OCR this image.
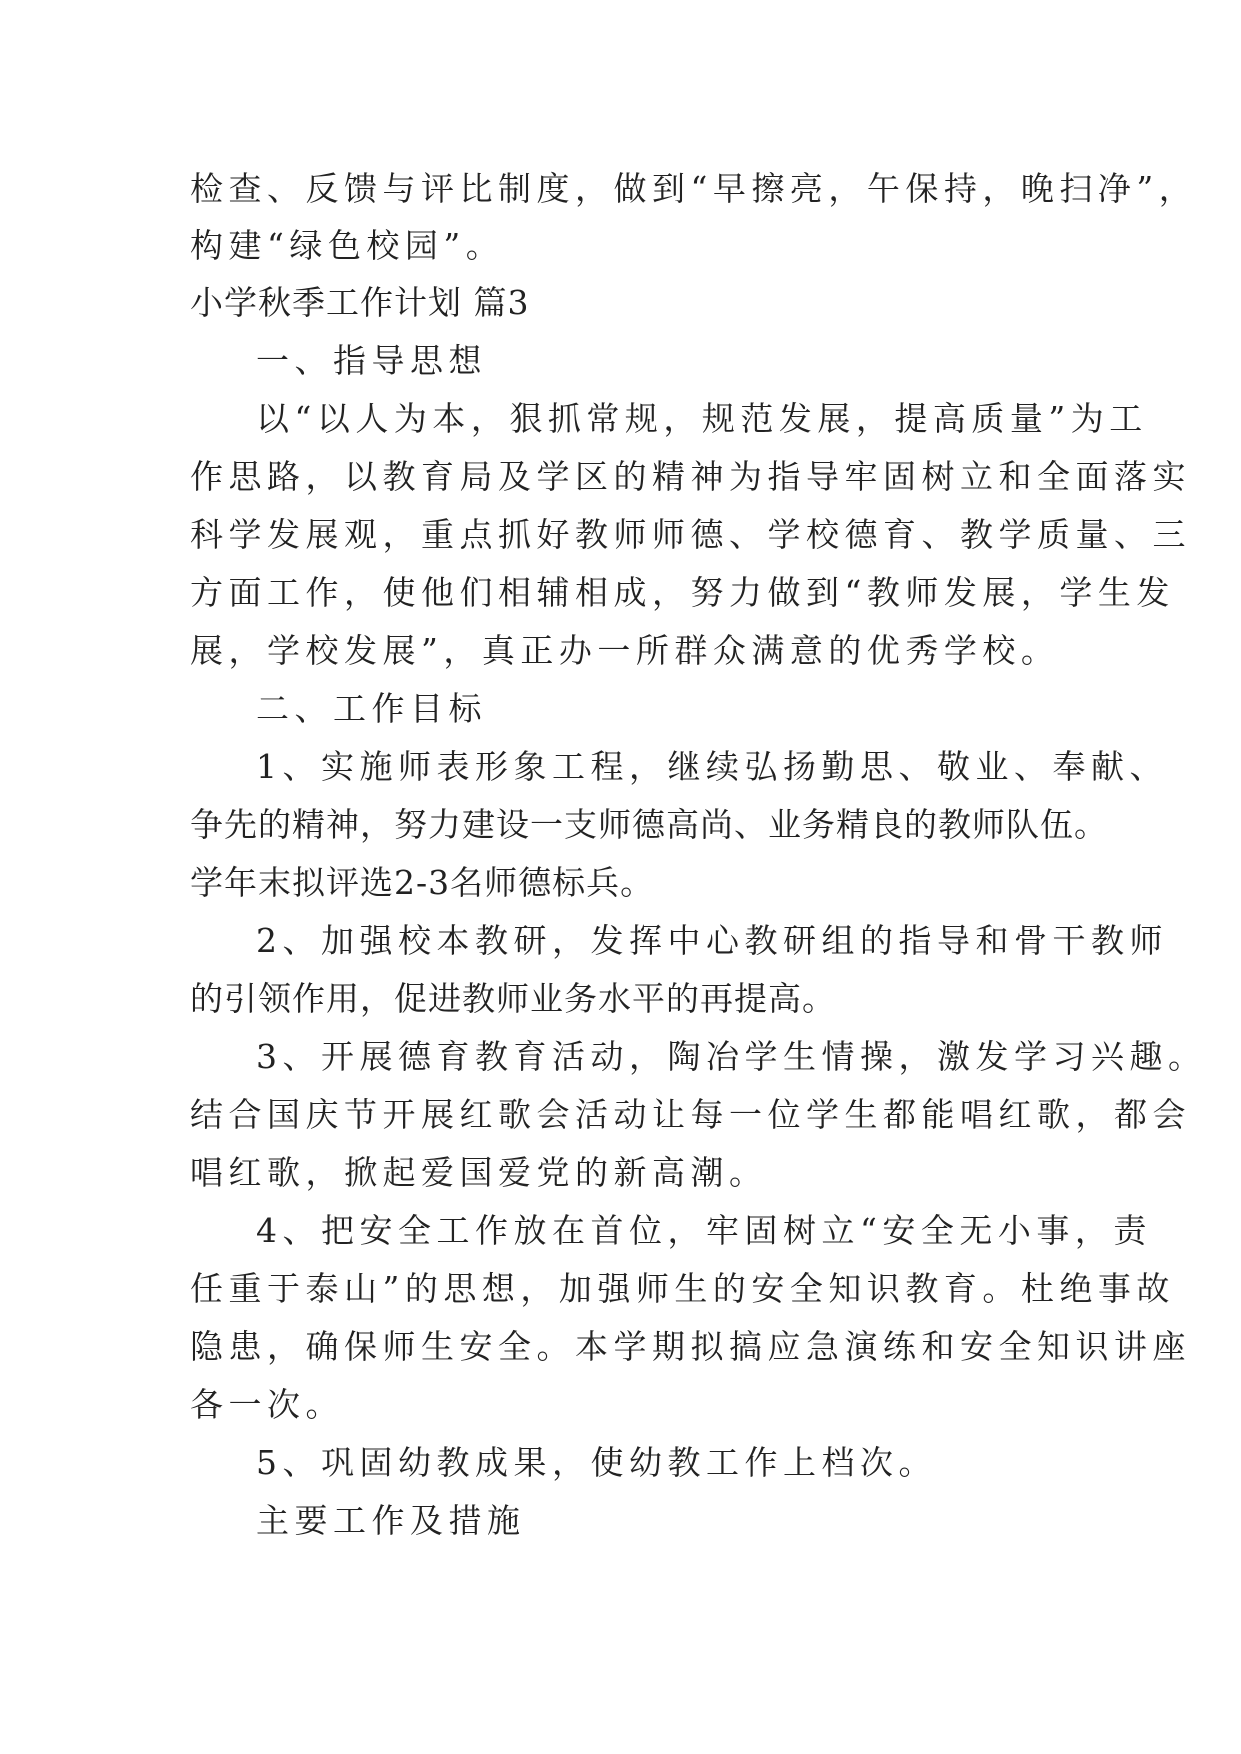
检查、反馈与评比制度，做到“早擦亮，午保持，晚扫净”，
构建“绿色校园”。
小学秋季工作计划 篇3
一、指导思想
以“以人为本，狠抓常规，规范发展，提高质量”为工
作思路，以教育局及学区的精神为指导牢固树立和全面落实
科学发展观，重点抓好教师师德、学校德育、教学质量、三
方面工作，使他们相辅相成，努力做到“教师发展，学生发
展，学校发展”，真正办一所群众满意的优秀学校。
二、工作目标
1、实施师表形象工程，继续弘扬勤思、敬业、奉献、
争先的精神，努力建设一支师德高尚、业务精良的教师队伍。
学年末拟评选2-3名师德标兵。
2、加强校本教研，发挥中心教研组的指导和骨干教师
的引领作用，促进教师业务水平的再提高。
3、开展德育教育活动，陶冶学生情操，激发学习兴趣。
结合国庆节开展红歌会活动让每一位学生都能唱红歌，都会
唱红歌，掀起爱国爱党的新高潮。
4、把安全工作放在首位，牢固树立“安全无小事，责
任重于泰山”的思想，加强师生的安全知识教育。杜绝事故
隐患，确保师生安全。本学期拟搞应急演练和安全知识讲座
各一次。
5、巩固幼教成果，使幼教工作上档次。
主要工作及措施
